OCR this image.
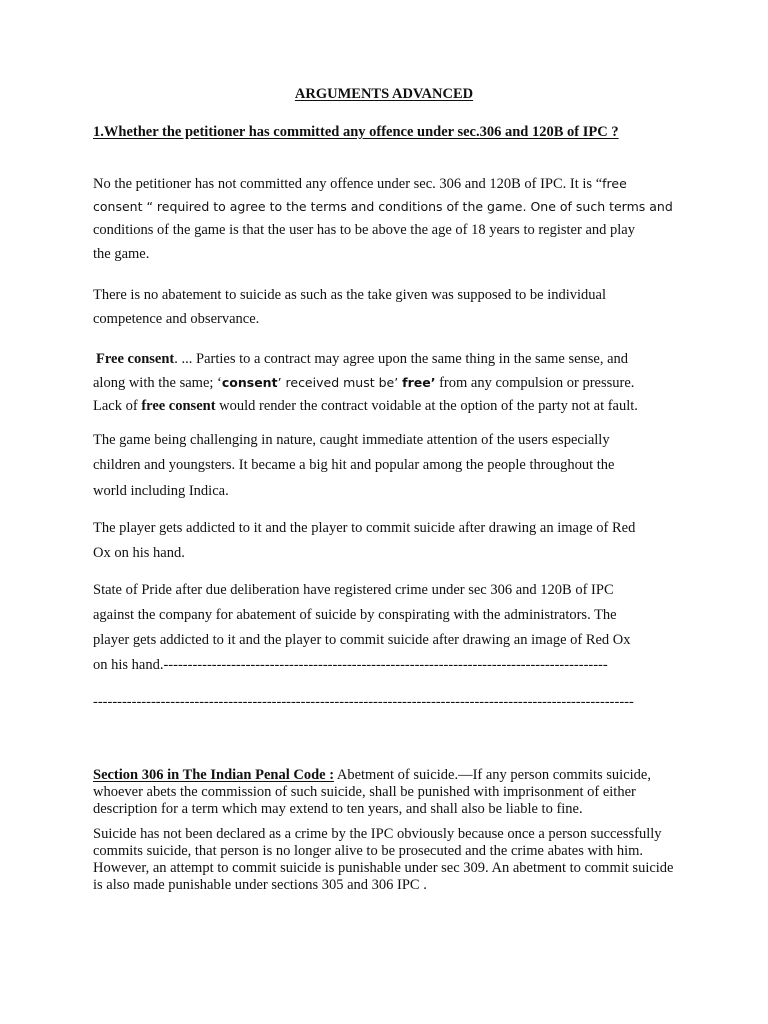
ARGUMENTS ADVANCED
1.Whether the petitioner has committed any offence under sec.306 and 120B of IPC ?
No the petitioner has not committed any offence under sec. 306 and 120B of IPC. It is “free
consent “ required to agree to the terms and conditions of the game. One of such terms and
conditions of the game is that the user has to be above the age of 18 years to register and play
the game.
There is no abatement to suicide as such as the take given was supposed to be individual
competence and observance.
Free consent. ... Parties to a contract may agree upon the same thing in the same sense, and
along with the same; ‘consent’ received must be’ free’ from any compulsion or pressure.
Lack of free consent would render the contract voidable at the option of the party not at fault.
The game being challenging in nature, caught immediate attention of the users especially
children and youngsters. It became a big hit and popular among the people throughout the
world including Indica.
The player gets addicted to it and the player to commit suicide after drawing an image of Red
Ox on his hand.
State of Pride after due deliberation have registered crime under sec 306 and 120B of IPC
against the company for abatement of suicide by conspirating with the administrators. The
player gets addicted to it and the player to commit suicide after drawing an image of Red Ox
on his hand.--------------------------------------------------------------------------------------------
----------------------------------------------------------------------------------------------------------------
Section 306 in The Indian Penal Code : Abetment of suicide.—If any person commits suicide, whoever abets the commission of such suicide, shall be punished with imprisonment of either description for a term which may extend to ten years, and shall also be liable to fine.
Suicide has not been declared as a crime by the IPC obviously because once a person successfully commits suicide, that person is no longer alive to be prosecuted and the crime abates with him. However, an attempt to commit suicide is punishable under sec 309. An abetment to commit suicide is also made punishable under sections 305 and 306 IPC .
